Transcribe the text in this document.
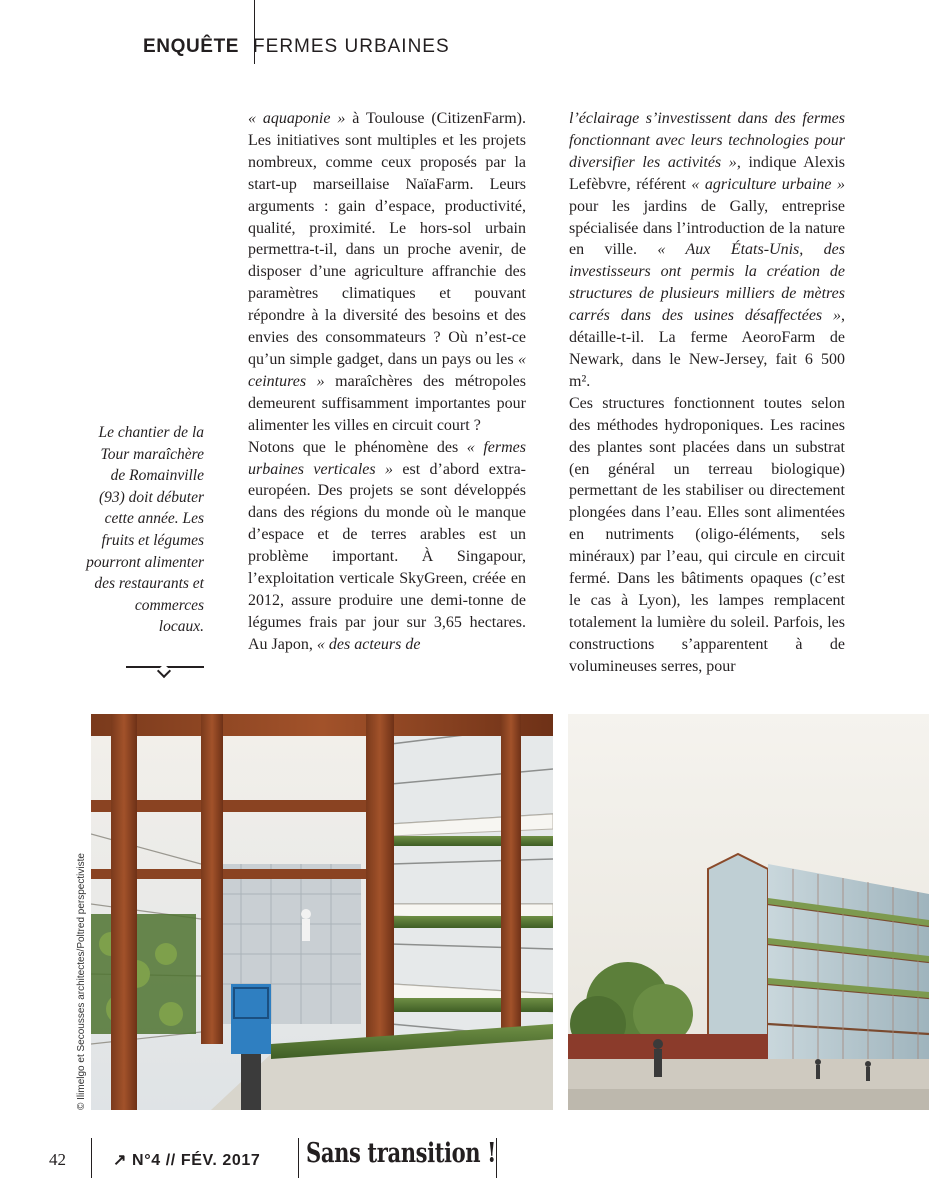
ENQUÊTE FERMES URBAINES

« aquaponie » à Toulouse (CitizenFarm). Les initiatives sont multiples et les projets nombreux, comme ceux proposés par la start-up marseillaise NaïaFarm. Leurs arguments : gain d’espace, productivité, qualité, proximité. Le hors-sol urbain permettra-t-il, dans un proche avenir, de disposer d’une agriculture affranchie des paramètres climatiques et pouvant répondre à la diversité des besoins et des envies des consommateurs ? Où n’est-ce qu’un simple gadget, dans un pays ou les « ceintures » maraîchères des métropoles demeurent suffisamment importantes pour alimenter les villes en circuit court ?

Notons que le phénomène des « fermes urbaines verticales » est d’abord extra-européen. Des projets se sont développés dans des régions du monde où le manque d’espace et de terres arables est un problème important. À Singapour, l’exploitation verticale SkyGreen, créée en 2012, assure produire une demi-tonne de légumes frais par jour sur 3,65 hectares. Au Japon, « des acteurs de

l’éclairage s’investissent dans des fermes fonctionnant avec leurs technologies pour diversifier les activités », indique Alexis Lefèbvre, référent « agriculture urbaine » pour les jardins de Gally, entreprise spécialisée dans l’introduction de la nature en ville. « Aux États-Unis, des investisseurs ont permis la création de structures de plusieurs milliers de mètres carrés dans des usines désaffectées », détaille-t-il. La ferme AeoroFarm de Newark, dans le New-Jersey, fait 6 500 m².

Ces structures fonctionnent toutes selon des méthodes hydroponiques. Les racines des plantes sont placées dans un substrat (en général un terreau biologique) permettant de les stabiliser ou directement plongées dans l’eau. Elles sont alimentées en nutriments (oligo-éléments, sels minéraux) par l’eau, qui circule en circuit fermé. Dans les bâtiments opaques (c’est le cas à Lyon), les lampes remplacent totalement la lumière du soleil. Parfois, les constructions s’apparentent à de volumineuses serres, pour

Le chantier de la Tour maraîchère de Romainville (93) doit débuter cette année. Les fruits et légumes pourront alimenter des restaurants et commerces locaux.
© Ilimelgo et Secousses architectes/Poltred perspectiviste
42	↗ N°4 // FÉV. 2017 Sans transition !
